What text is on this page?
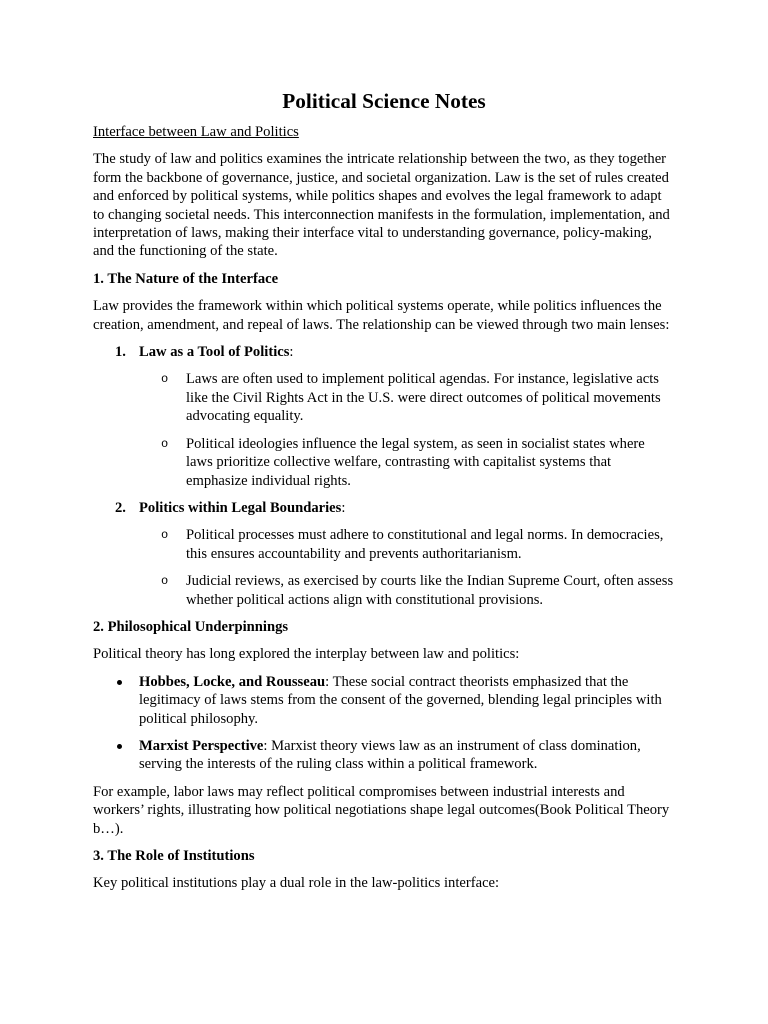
Political Science Notes

Interface between Law and Politics

The study of law and politics examines the intricate relationship between the two, as they together form the backbone of governance, justice, and societal organization. Law is the set of rules created and enforced by political systems, while politics shapes and evolves the legal framework to adapt to changing societal needs. This interconnection manifests in the formulation, implementation, and interpretation of laws, making their interface vital to understanding governance, policy-making, and the functioning of the state.

1. The Nature of the Interface

Law provides the framework within which political systems operate, while politics influences the creation, amendment, and repeal of laws. The relationship can be viewed through two main lenses:

1. Law as a Tool of Politics:
o Laws are often used to implement political agendas. For instance, legislative acts like the Civil Rights Act in the U.S. were direct outcomes of political movements advocating equality.
o Political ideologies influence the legal system, as seen in socialist states where laws prioritize collective welfare, contrasting with capitalist systems that emphasize individual rights.
2. Politics within Legal Boundaries:
o Political processes must adhere to constitutional and legal norms. In democracies, this ensures accountability and prevents authoritarianism.
o Judicial reviews, as exercised by courts like the Indian Supreme Court, often assess whether political actions align with constitutional provisions.

2. Philosophical Underpinnings

Political theory has long explored the interplay between law and politics:

Hobbes, Locke, and Rousseau: These social contract theorists emphasized that the legitimacy of laws stems from the consent of the governed, blending legal principles with political philosophy.
Marxist Perspective: Marxist theory views law as an instrument of class domination, serving the interests of the ruling class within a political framework.

For example, labor laws may reflect political compromises between industrial interests and workers’ rights, illustrating how political negotiations shape legal outcomes(Book Political Theory b…).

3. The Role of Institutions

Key political institutions play a dual role in the law-politics interface:
